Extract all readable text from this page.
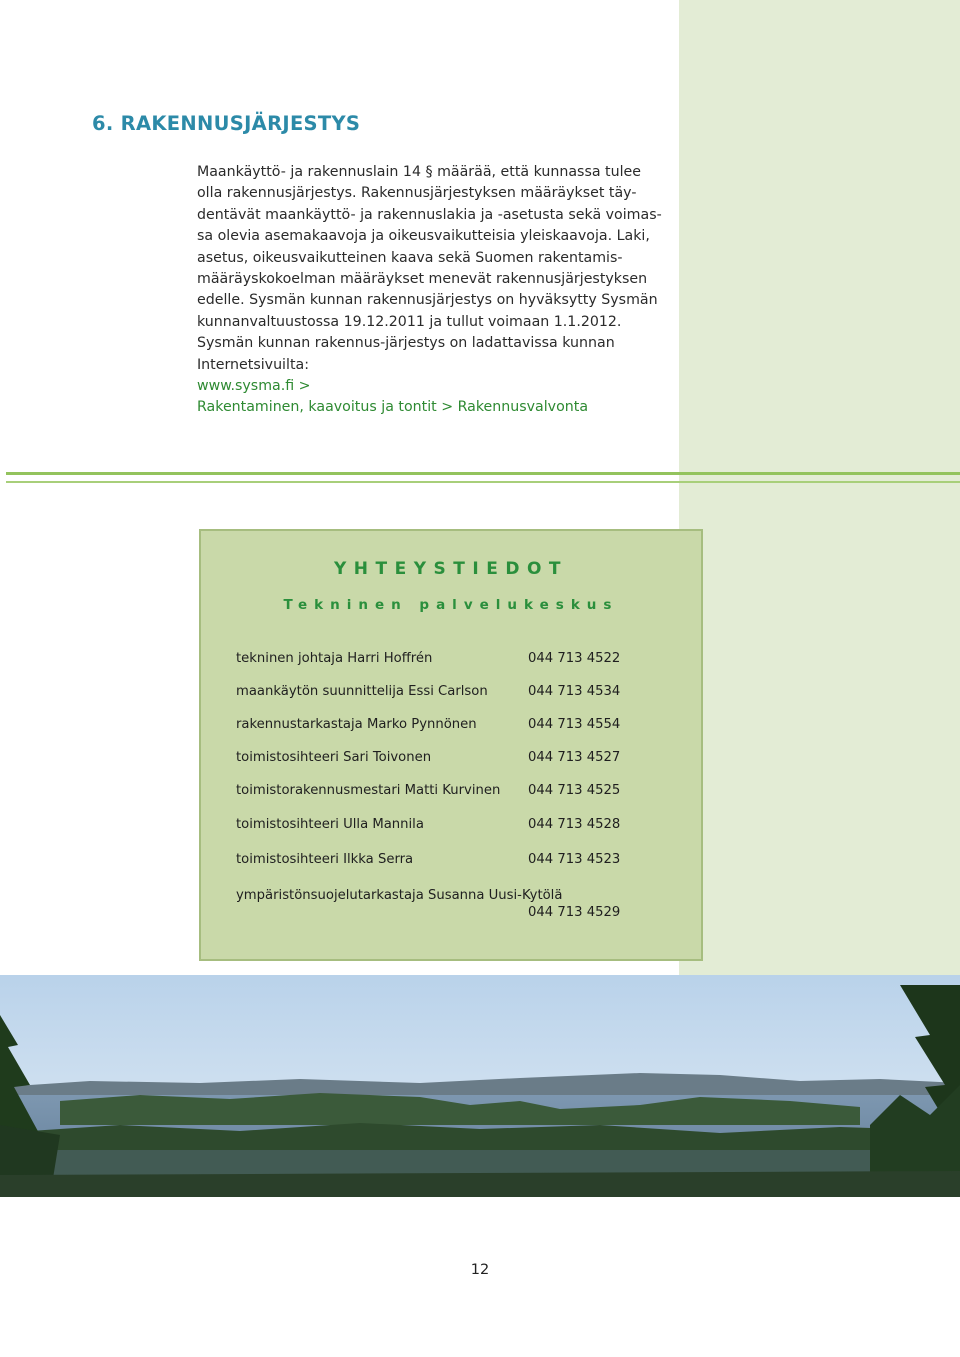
6. RAKENNUSJÄRJESTYS
Maankäyttö- ja rakennuslain 14 § määrää, että kunnassa tulee
olla rakennusjärjestys. Rakennusjärjestyksen määräykset täy-
dentävät maankäyttö- ja rakennuslakia ja -asetusta sekä voimas-
sa olevia asemakaavoja ja oikeusvaikutteisia yleiskaavoja. Laki,
asetus, oikeusvaikutteinen kaava sekä Suomen rakentamis-
määräyskokoelman määräykset menevät rakennusjärjestyksen
edelle. Sysmän kunnan rakennusjärjestys on hyväksytty Sysmän
kunnanvaltuustossa 19.12.2011 ja tullut voimaan 1.1.2012.
Sysmän kunnan rakennus-järjestys on ladattavissa kunnan
Internetsivuilta:
www.sysma.fi >
Rakentaminen, kaavoitus ja tontit > Rakennusvalvonta
YHTEYSTIEDOT
Tekninen palvelukeskus
tekninen johtaja Harri Hoffrén	044 713 4522
maankäytön suunnittelija Essi Carlson	044 713 4534
rakennustarkastaja Marko Pynnönen	044 713 4554
toimistosihteeri Sari Toivonen	044 713 4527
toimistorakennusmestari Matti Kurvinen 044 713 4525
toimistosihteeri Ulla Mannila	044 713 4528
toimistosihteeri Ilkka Serra	044 713 4523
ympäristönsuojelutarkastaja Susanna Uusi-Kytölä
044 713 4529
12
